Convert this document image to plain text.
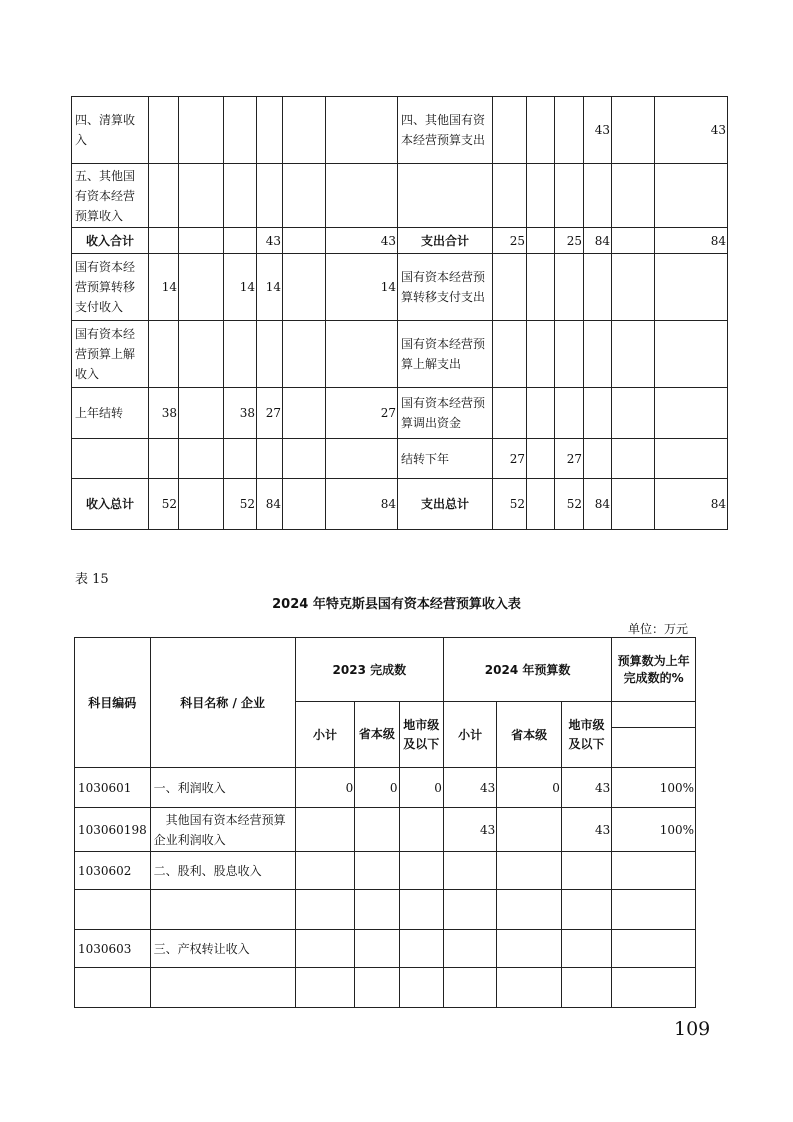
四、清算收入							四、其他国有资本经营预算支出				43		43
五、其他国有资本经营预算收入													
收入合计				43		43	支出合计	25		25	84		84
国有资本经营预算转移支付收入	14		14	14		14	国有资本经营预算转移支付支出						
国有资本经营预算上解收入							国有资本经营预算上解支出						
上年结转	38		38	27		27	国有资本经营预算调出资金						
							结转下年	27		27			
收入总计	52		52	84		84	支出总计	52		52	84		84
表 15
2024 年特克斯县国有资本经营预算收入表
单位：万元
科目编码	科目名称 / 企业	2023 完成数			2024 年预算数			预算数为上年完成数的%
		小计	省本级	地市级及以下	小计	省本级	地市级及以下	

1030601	一、利润收入	0	0	0	43	0	43	100%
103060198	其他国有资本经营预算企业利润收入				43		43	100%
1030602	二、股利、股息收入							

1030603	三、产权转让收入							

109
